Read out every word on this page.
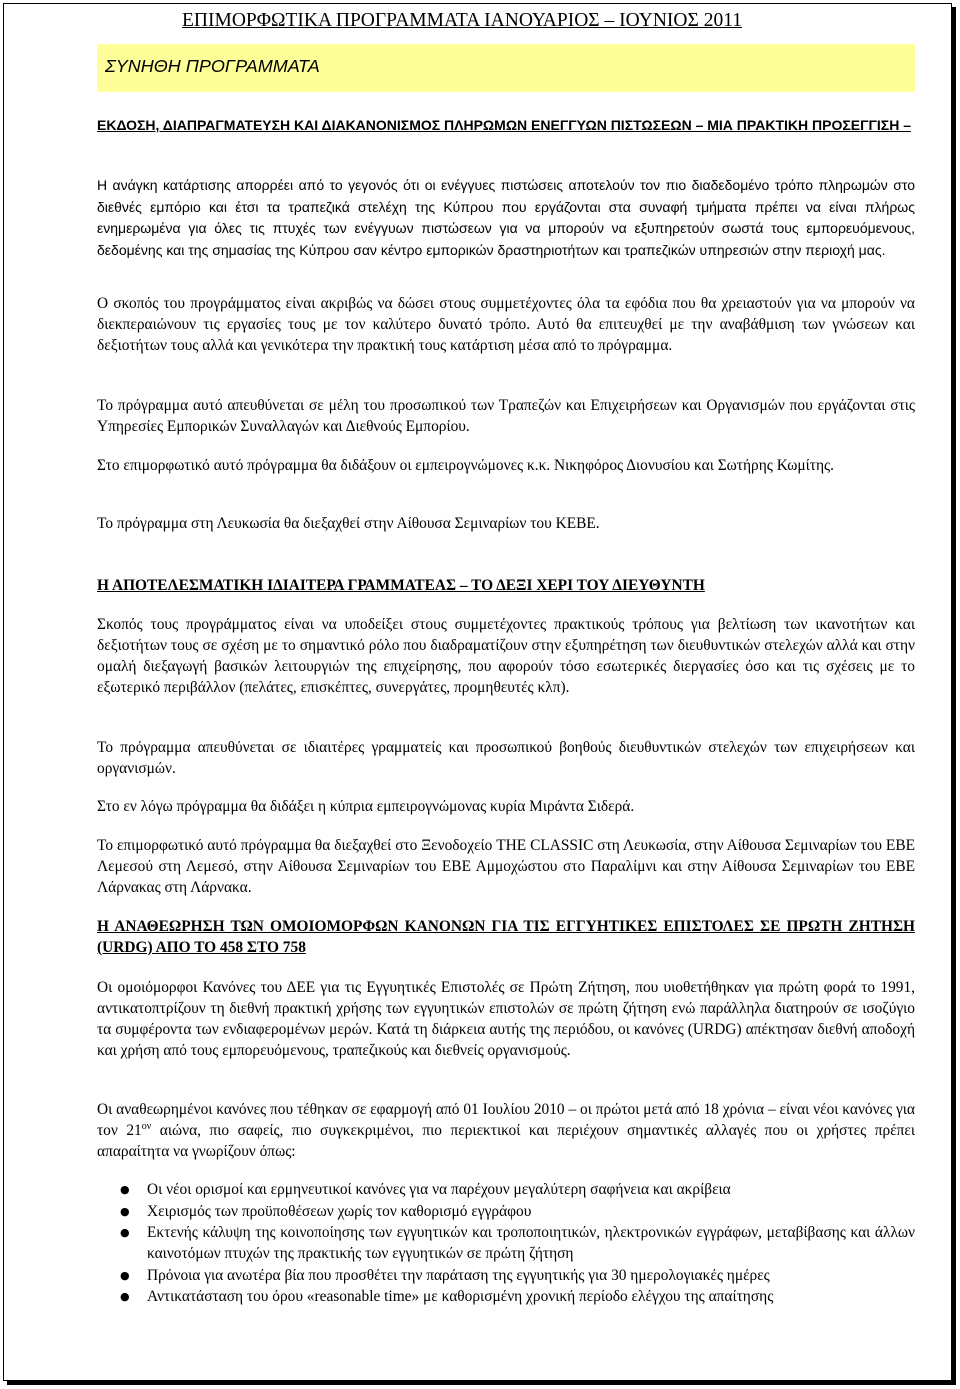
ΕΠΙΜΟΡΦΩΤΙΚΑ ΠΡΟΓΡΑΜΜΑΤΑ ΙΑΝΟΥΑΡΙΟΣ – ΙΟΥΝΙΟΣ 2011
ΣΥΝΗΘΗ ΠΡΟΓΡΑΜΜΑΤΑ
ΕΚΔΟΣΗ, ΔΙΑΠΡΑΓΜΑΤΕΥΣΗ ΚΑΙ ΔΙΑΚΑΝΟΝΙΣΜΟΣ ΠΛΗΡΩΜΩΝ ΕΝΕΓΓΥΩΝ ΠΙΣΤΩΣΕΩΝ – ΜΙΑ ΠΡΑΚΤΙΚΗ ΠΡΟΣΕΓΓΙΣΗ –
Η ανάγκη κατάρτισης απορρέει από το γεγονός ότι οι ενέγγυες πιστώσεις αποτελούν τον πιο διαδεδομένο τρόπο πληρωμών στο διεθνές εμπόριο και έτσι τα τραπεζικά στελέχη της Κύπρου που εργάζονται στα συναφή τμήματα πρέπει να είναι πλήρως ενημερωμένα για όλες τις πτυχές των ενέγγυων πιστώσεων για να μπορούν να εξυπηρετούν σωστά τους εμπορευόμενους, δεδομένης και της σημασίας της Κύπρου σαν κέντρο εμπορικών δραστηριοτήτων και τραπεζικών υπηρεσιών στην περιοχή μας.
Ο σκοπός του προγράμματος είναι ακριβώς να δώσει στους συμμετέχοντες όλα τα εφόδια που θα χρειαστούν για να μπορούν να διεκπεραιώνουν τις εργασίες τους με τον καλύτερο δυνατό τρόπο. Αυτό θα επιτευχθεί με την αναβάθμιση των γνώσεων και δεξιοτήτων τους αλλά και γενικότερα την πρακτική τους κατάρτιση μέσα από το πρόγραμμα.
Το πρόγραμμα αυτό απευθύνεται σε μέλη του προσωπικού των Τραπεζών και Επιχειρήσεων και Οργανισμών που εργάζονται στις Υπηρεσίες Εμπορικών Συναλλαγών και Διεθνούς Εμπορίου.
Στο επιμορφωτικό αυτό πρόγραμμα θα διδάξουν οι εμπειρογνώμονες κ.κ. Νικηφόρος Διονυσίου και Σωτήρης Κωμίτης.
Το πρόγραμμα στη Λευκωσία θα διεξαχθεί στην Αίθουσα Σεμιναρίων του ΚΕΒΕ.
Η ΑΠΟΤΕΛΕΣΜΑΤΙΚΗ ΙΔΙΑΙΤΕΡΑ ΓΡΑΜΜΑΤΕΑΣ – ΤΟ ΔΕΞΙ ΧΕΡΙ ΤΟΥ ΔΙΕΥΘΥΝΤΗ
Σκοπός τους προγράμματος είναι να υποδείξει στους συμμετέχοντες πρακτικούς τρόπους για βελτίωση των ικανοτήτων και δεξιοτήτων τους σε σχέση με το σημαντικό ρόλο που διαδραματίζουν στην εξυπηρέτηση των διευθυντικών στελεχών αλλά και στην ομαλή διεξαγωγή βασικών λειτουργιών της επιχείρησης, που αφορούν τόσο εσωτερικές διεργασίες όσο και τις σχέσεις με το εξωτερικό περιβάλλον (πελάτες, επισκέπτες, συνεργάτες, προμηθευτές κλπ).
Το πρόγραμμα απευθύνεται σε ιδιαιτέρες γραμματείς και προσωπικού βοηθούς διευθυντικών στελεχών των επιχειρήσεων και οργανισμών.
Στο εν λόγω πρόγραμμα θα διδάξει η κύπρια εμπειρογνώμονας κυρία Μιράντα Σιδερά.
Το επιμορφωτικό αυτό πρόγραμμα θα διεξαχθεί στο Ξενοδοχείο THE CLASSIC στη Λευκωσία, στην Αίθουσα Σεμιναρίων του ΕΒΕ Λεμεσού στη Λεμεσό, στην Αίθουσα Σεμιναρίων του ΕΒΕ Αμμοχώστου στο Παραλίμνι και στην Αίθουσα Σεμιναρίων του ΕΒΕ Λάρνακας στη Λάρνακα.
Η ΑΝΑΘΕΩΡΗΣΗ ΤΩΝ ΟΜΟΙΟΜΟΡΦΩΝ ΚΑΝΟΝΩΝ ΓΙΑ ΤΙΣ ΕΓΓΥΗΤΙΚΕΣ ΕΠΙΣΤΟΛΕΣ ΣΕ ΠΡΩΤΗ ΖΗΤΗΣΗ (URDG) ΑΠΟ ΤΟ 458 ΣΤΟ 758
Οι ομοιόμορφοι Κανόνες του ΔΕΕ για τις Εγγυητικές Επιστολές σε Πρώτη Ζήτηση, που υιοθετήθηκαν για πρώτη φορά το 1991, αντικατοπτρίζουν τη διεθνή πρακτική χρήσης των εγγυητικών επιστολών σε πρώτη ζήτηση ενώ παράλληλα διατηρούν σε ισοζύγιο τα συμφέροντα των ενδιαφερομένων μερών. Κατά τη διάρκεια αυτής της περιόδου, οι κανόνες (URDG) απέκτησαν διεθνή αποδοχή και χρήση από τους εμπορευόμενους, τραπεζικούς και διεθνείς οργανισμούς.
Οι αναθεωρημένοι κανόνες που τέθηκαν σε εφαρμογή από 01 Ιουλίου 2010 – οι πρώτοι μετά από 18 χρόνια – είναι νέοι κανόνες για τον $21^{o\nu}$ αιώνα, πιο σαφείς, πιο συγκεκριμένοι, πιο περιεκτικοί και περιέχουν σημαντικές αλλαγές που οι χρήστες πρέπει απαραίτητα να γνωρίζουν όπως:
● Οι νέοι ορισμοί και ερμηνευτικοί κανόνες για να παρέχουν μεγαλύτερη σαφήνεια και ακρίβεια
● Χειρισμός των προϋποθέσεων χωρίς τον καθορισμό εγγράφου
● Εκτενής κάλυψη της κοινοποίησης των εγγυητικών και τροποποιητικών, ηλεκτρονικών εγγράφων, μεταβίβασης και άλλων καινοτόμων πτυχών της πρακτικής των εγγυητικών σε πρώτη ζήτηση
● Πρόνοια για ανωτέρα βία που προσθέτει την παράταση της εγγυητικής για 30 ημερολογιακές ημέρες
● Αντικατάσταση του όρου «reasonable time» με καθορισμένη χρονική περίοδο ελέγχου της απαίτησης
